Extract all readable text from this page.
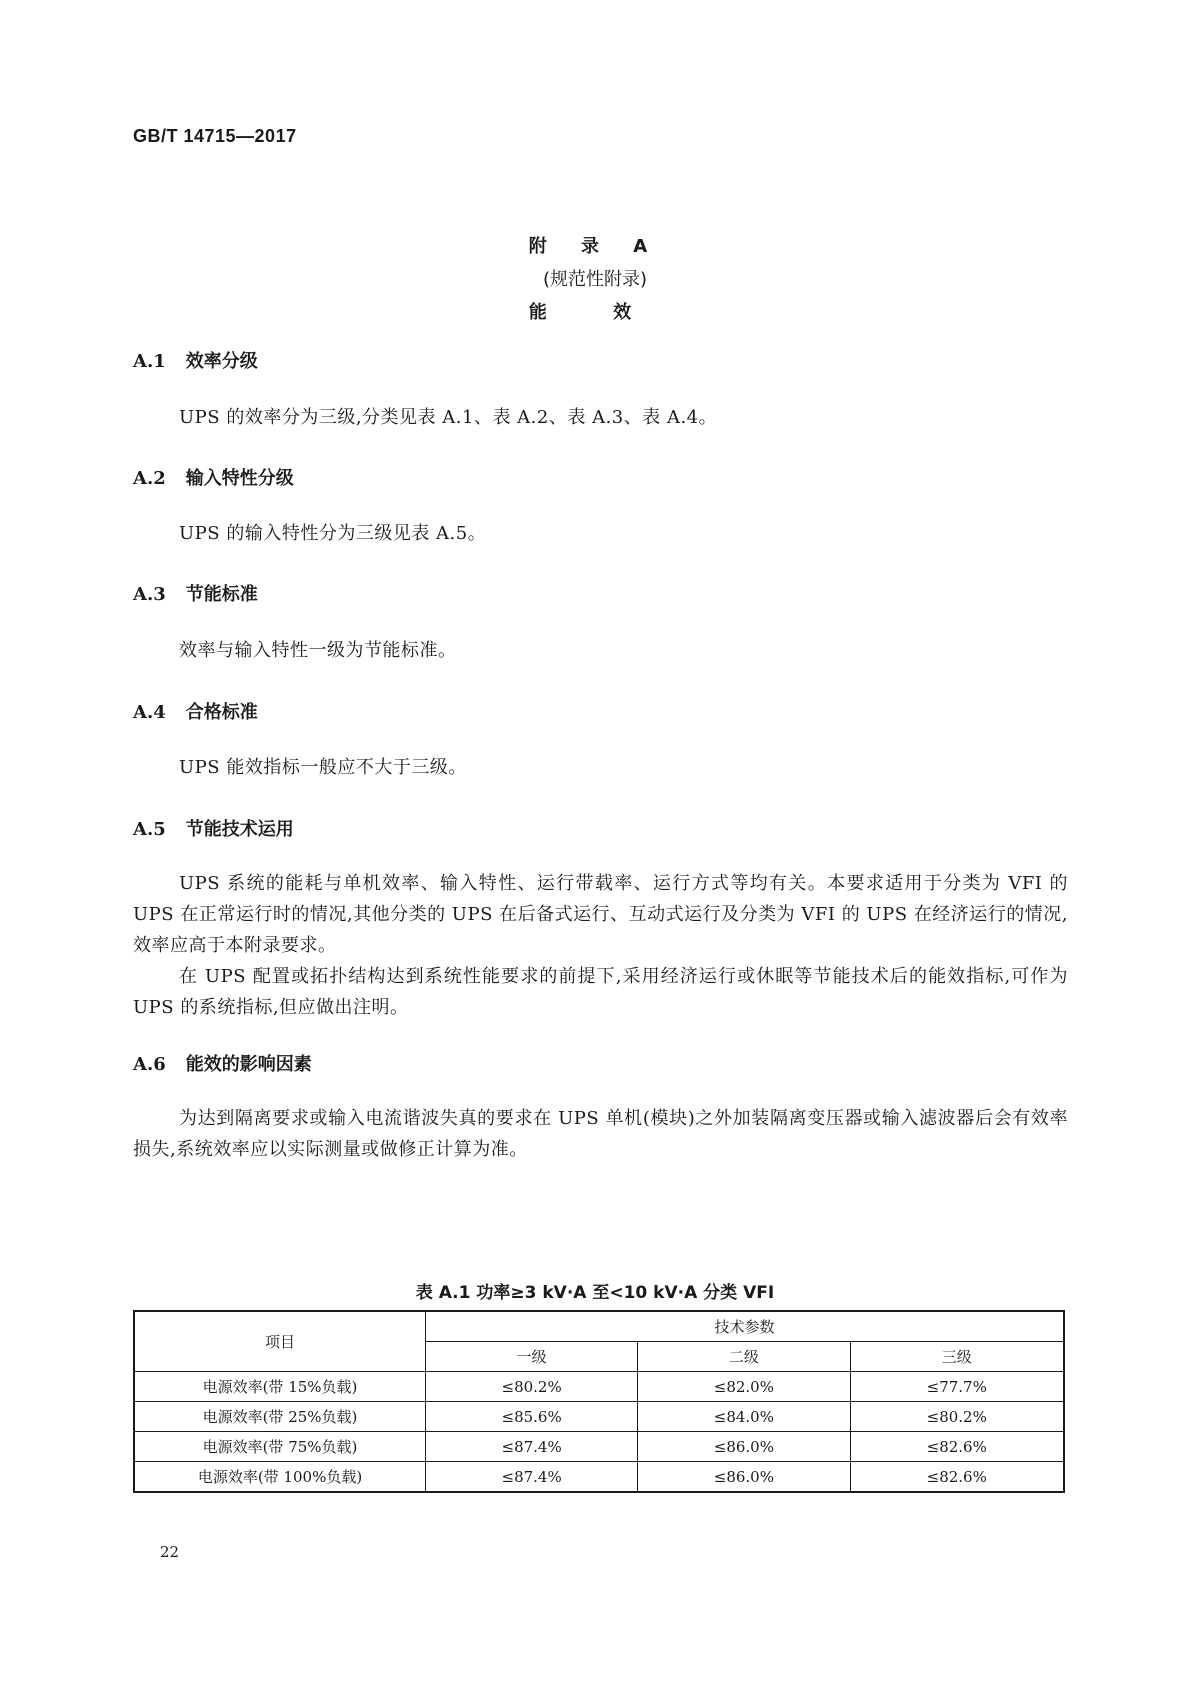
GB/T 14715—2017
附 录 A
(规范性附录)
能 效
A.1 效率分级
UPS 的效率分为三级,分类见表 A.1、表 A.2、表 A.3、表 A.4。
A.2 输入特性分级
UPS 的输入特性分为三级见表 A.5。
A.3 节能标准
效率与输入特性一级为节能标准。
A.4 合格标准
UPS 能效指标一般应不大于三级。
A.5 节能技术运用
UPS 系统的能耗与单机效率、输入特性、运行带载率、运行方式等均有关。本要求适用于分类为 VFI 的 UPS 在正常运行时的情况,其他分类的 UPS 在后备式运行、互动式运行及分类为 VFI 的 UPS 在经济运行的情况,效率应高于本附录要求。
在 UPS 配置或拓扑结构达到系统性能要求的前提下,采用经济运行或休眠等节能技术后的能效指标,可作为 UPS 的系统指标,但应做出注明。
A.6 能效的影响因素
为达到隔离要求或输入电流谐波失真的要求在 UPS 单机(模块)之外加装隔离变压器或输入滤波器后会有效率损失,系统效率应以实际测量或做修正计算为准。
表 A.1 功率≥3 kV·A 至<10 kV·A 分类 VFI
项目	技术参数		
	一级	二级	三级
电源效率(带 15%负载)	≤80.2%	≤82.0%	≤77.7%
电源效率(带 25%负载)	≤85.6%	≤84.0%	≤80.2%
电源效率(带 75%负载)	≤87.4%	≤86.0%	≤82.6%
电源效率(带 100%负载)	≤87.4%	≤86.0%	≤82.6%
22
